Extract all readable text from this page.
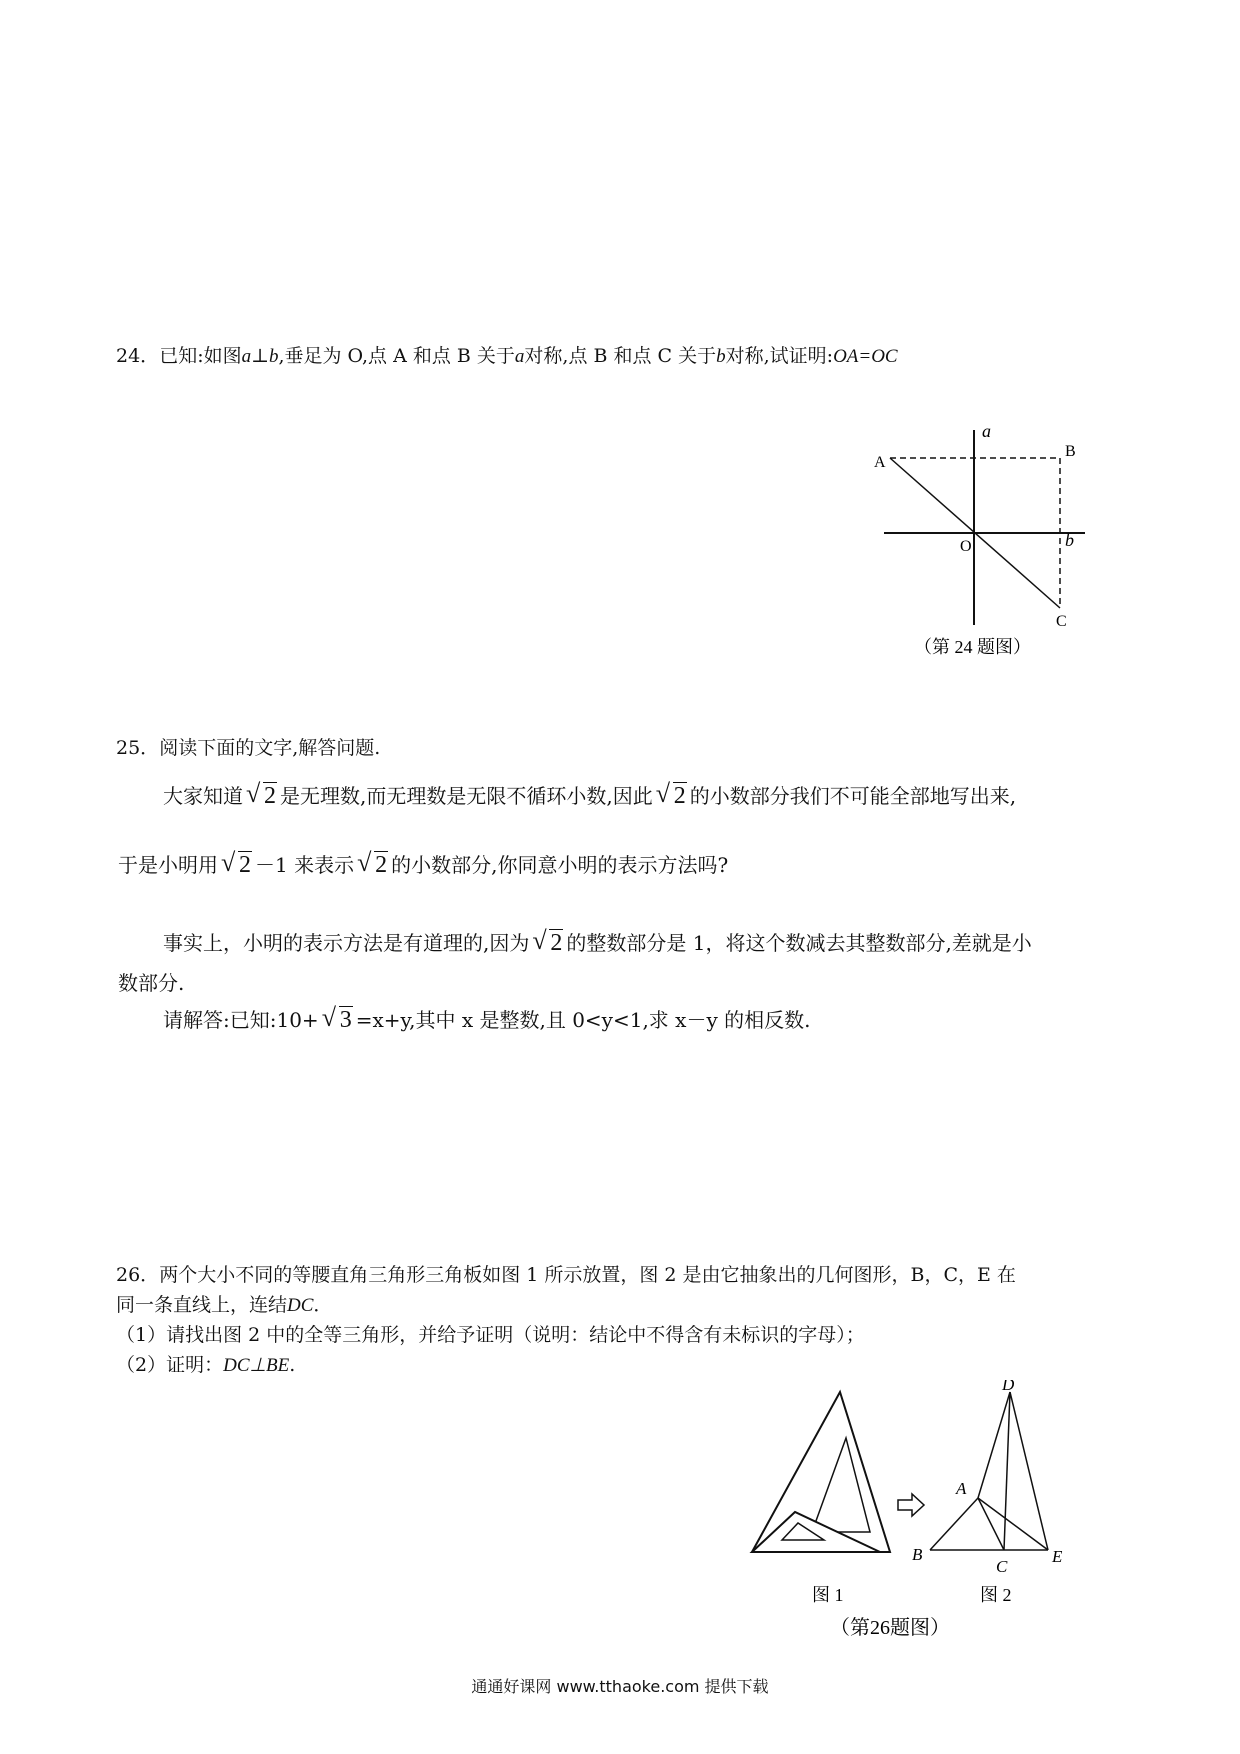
24．已知:如图a⊥b,垂足为 O,点 A 和点 B 关于a对称,点 B 和点 C 关于b对称,试证明:OA=OC
a
b
A
B
O
C
（第 24 题图）
25．阅读下面的文字,解答问题.
大家知道 √ 2 是无理数,而无理数是无限不循环小数,因此 √ 2 的小数部分我们不可能全部地写出来,
于是小明用 √ 2 －1 来表示 √ 2 的小数部分,你同意小明的表示方法吗?
事实上，小明的表示方法是有道理的,因为 √ 2 的整数部分是 1，将这个数减去其整数部分,差就是小
数部分.
请解答:已知:10+ √ 3 =x+y,其中 x 是整数,且 0<y<1,求 x－y 的相反数.
26．两个大小不同的等腰直角三角形三角板如图 1 所示放置，图 2 是由它抽象出的几何图形，B，C，E 在
同一条直线上，连结DC．
（1）请找出图 2 中的全等三角形，并给予证明（说明：结论中不得含有未标识的字母）；
（2）证明：DC⊥BE.
D
A
B
C
E
图 1	图 2
（第26题图）
通通好课网 www.tthaoke.com 提供下载
